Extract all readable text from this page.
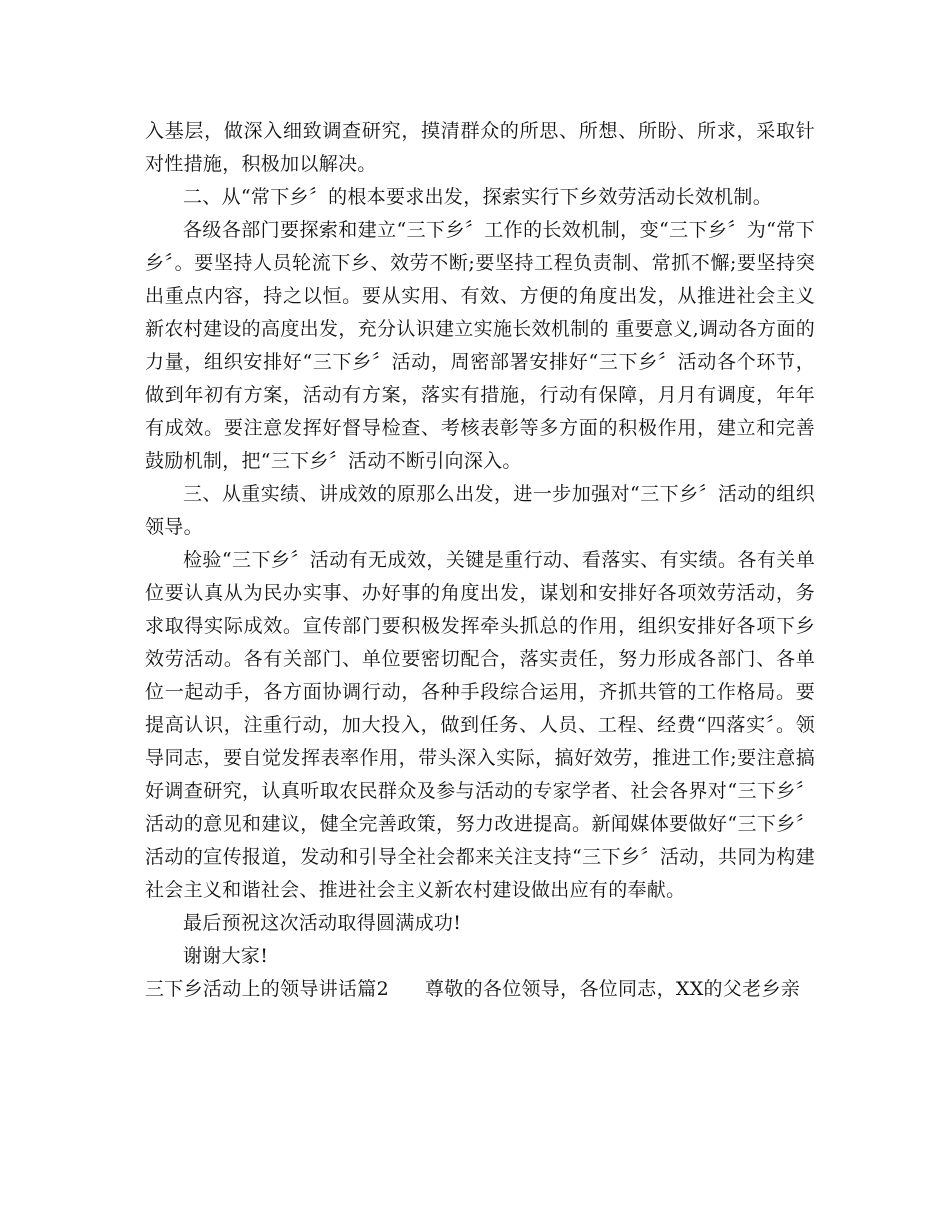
入基层，做深入细致调查研究，摸清群众的所思、所想、所盼、所求，采取针对性措施，积极加以解决。

二、从“常下乡〞的根本要求出发，探索实行下乡效劳活动长效机制。

各级各部门要探索和建立“三下乡〞工作的长效机制，变“三下乡〞为“常下乡〞。要坚持人员轮流下乡、效劳不断;要坚持工程负责制、常抓不懈;要坚持突出重点内容，持之以恒。要从实用、有效、方便的角度出发，从推进社会主义新农村建设的高度出发，充分认识建立实施长效机制的 重要意义,调动各方面的力量，组织安排好“三下乡〞活动，周密部署安排好“三下乡〞活动各个环节，做到年初有方案，活动有方案，落实有措施，行动有保障，月月有调度，年年有成效。要注意发挥好督导检查、考核表彰等多方面的积极作用，建立和完善鼓励机制，把“三下乡〞活动不断引向深入。

三、从重实绩、讲成效的原那么出发，进一步加强对“三下乡〞活动的组织领导。

检验“三下乡〞活动有无成效，关键是重行动、看落实、有实绩。各有关单位要认真从为民办实事、办好事的角度出发，谋划和安排好各项效劳活动，务求取得实际成效。宣传部门要积极发挥牵头抓总的作用，组织安排好各项下乡效劳活动。各有关部门、单位要密切配合，落实责任，努力形成各部门、各单位一起动手，各方面协调行动，各种手段综合运用，齐抓共管的工作格局。要提高认识，注重行动，加大投入，做到任务、人员、工程、经费“四落实〞。领导同志，要自觉发挥表率作用，带头深入实际，搞好效劳，推进工作;要注意搞好调查研究，认真听取农民群众及参与活动的专家学者、社会各界对“三下乡〞活动的意见和建议，健全完善政策，努力改进提高。新闻媒体要做好“三下乡〞活动的宣传报道，发动和引导全社会都来关注支持“三下乡〞活动，共同为构建社会主义和谐社会、推进社会主义新农村建设做出应有的奉献。

最后预祝这次活动取得圆满成功!

谢谢大家!

三下乡活动上的领导讲话篇2 尊敬的各位领导，各位同志，XX的父老乡亲
